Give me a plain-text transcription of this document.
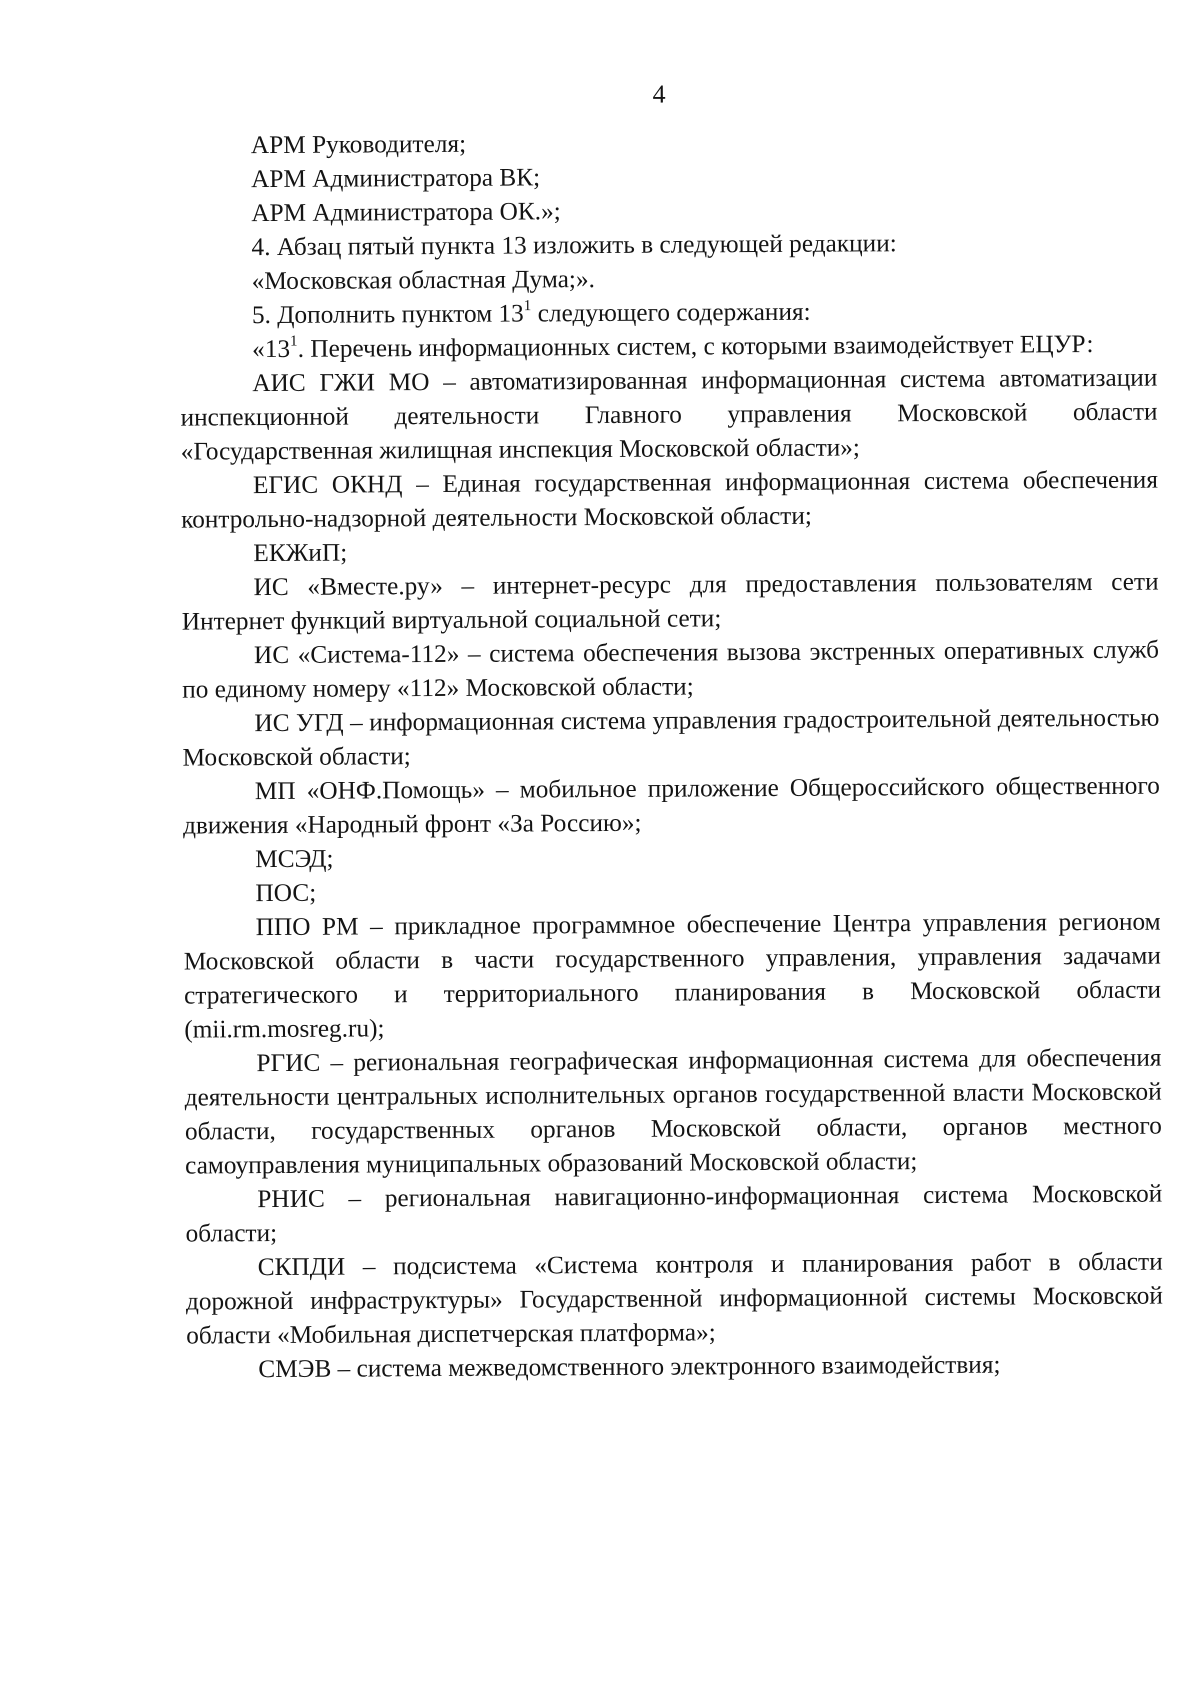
4

АРМ Руководителя;

АРМ Администратора ВК;

АРМ Администратора ОК.»;

4. Абзац пятый пункта 13 изложить в следующей редакции:

«Московская областная Дума;».

5. Дополнить пунктом $13^1$ следующего содержания:

«$13^1$. Перечень информационных систем, с которыми взаимодействует ЕЦУР:

АИС ГЖИ МО – автоматизированная информационная система автоматизации инспекционной деятельности Главного управления Московской области «Государственная жилищная инспекция Московской области»;

ЕГИС ОКНД – Единая государственная информационная система обеспечения контрольно-надзорной деятельности Московской области;

ЕКЖиП;

ИС «Вместе.ру» – интернет-ресурс для предоставления пользователям сети Интернет функций виртуальной социальной сети;

ИС «Система-112» – система обеспечения вызова экстренных оперативных служб по единому номеру «112» Московской области;

ИС УГД – информационная система управления градостроительной деятельностью Московской области;

МП «ОНФ.Помощь» – мобильное приложение Общероссийского общественного движения «Народный фронт «За Россию»;

МСЭД;

ПОС;

ППО РМ – прикладное программное обеспечение Центра управления регионом Московской области в части государственного управления, управления задачами стратегического и территориального планирования в Московской области (mii.rm.mosreg.ru);

РГИС – региональная географическая информационная система для обеспечения деятельности центральных исполнительных органов государственной власти Московской области, государственных органов Московской области, органов местного самоуправления муниципальных образований Московской области;

РНИС – региональная навигационно-информационная система Московской области;

СКПДИ – подсистема «Система контроля и планирования работ в области дорожной инфраструктуры» Государственной информационной системы Московской области «Мобильная диспетчерская платформа»;

СМЭВ – система межведомственного электронного взаимодействия;
